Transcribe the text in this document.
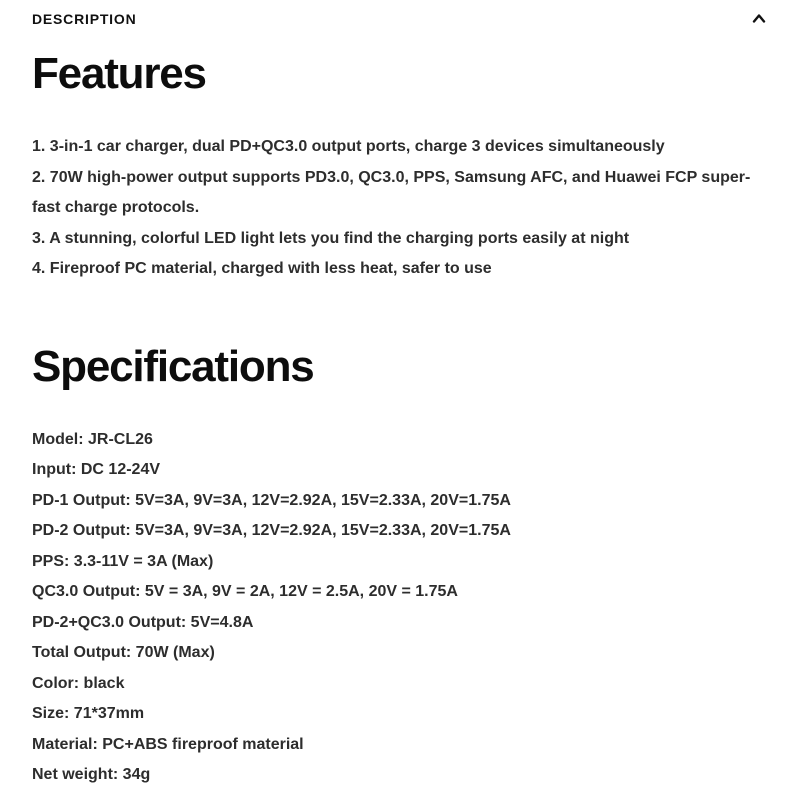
DESCRIPTION
Features

1. 3-in-1 car charger, dual PD+QC3.0 output ports, charge 3 devices simultaneously

2. 70W high-power output supports PD3.0, QC3.0, PPS, Samsung AFC, and Huawei FCP super-fast charge protocols.

3. A stunning, colorful LED light lets you find the charging ports easily at night

4. Fireproof PC material, charged with less heat, safer to use

Specifications

Model: JR-CL26

Input: DC 12-24V

PD-1 Output: 5V=3A, 9V=3A, 12V=2.92A, 15V=2.33A, 20V=1.75A

PD-2 Output: 5V=3A, 9V=3A, 12V=2.92A, 15V=2.33A, 20V=1.75A

PPS: 3.3-11V = 3A (Max)

QC3.0 Output: 5V = 3A, 9V = 2A, 12V = 2.5A, 20V = 1.75A

PD-2+QC3.0 Output: 5V=4.8A

Total Output: 70W (Max)

Color: black

Size: 71*37mm

Material: PC+ABS fireproof material

Net weight: 34g
